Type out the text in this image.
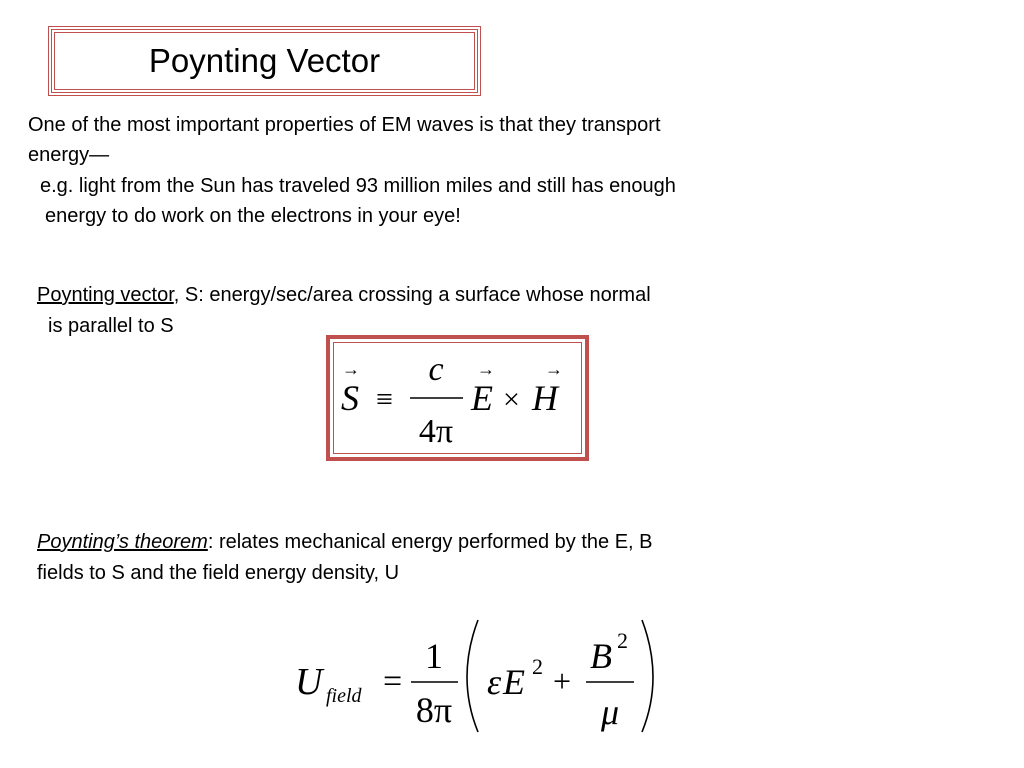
Poynting Vector
One of the most important properties of EM waves is that they transport
energy—
e.g. light from the Sun has traveled 93 million miles and still has enough
energy to do work on the electrons in your eye!
Poynting vector, S: energy/sec/area crossing a surface whose normal
is parallel to S
→
S ≡
c
4π
→
E ×
→
H
Poynting’s theorem: relates mechanical energy performed by the E, B
fields to S and the field energy density, U
U field =
1
8π
ε E 2 +
B 2
μ
